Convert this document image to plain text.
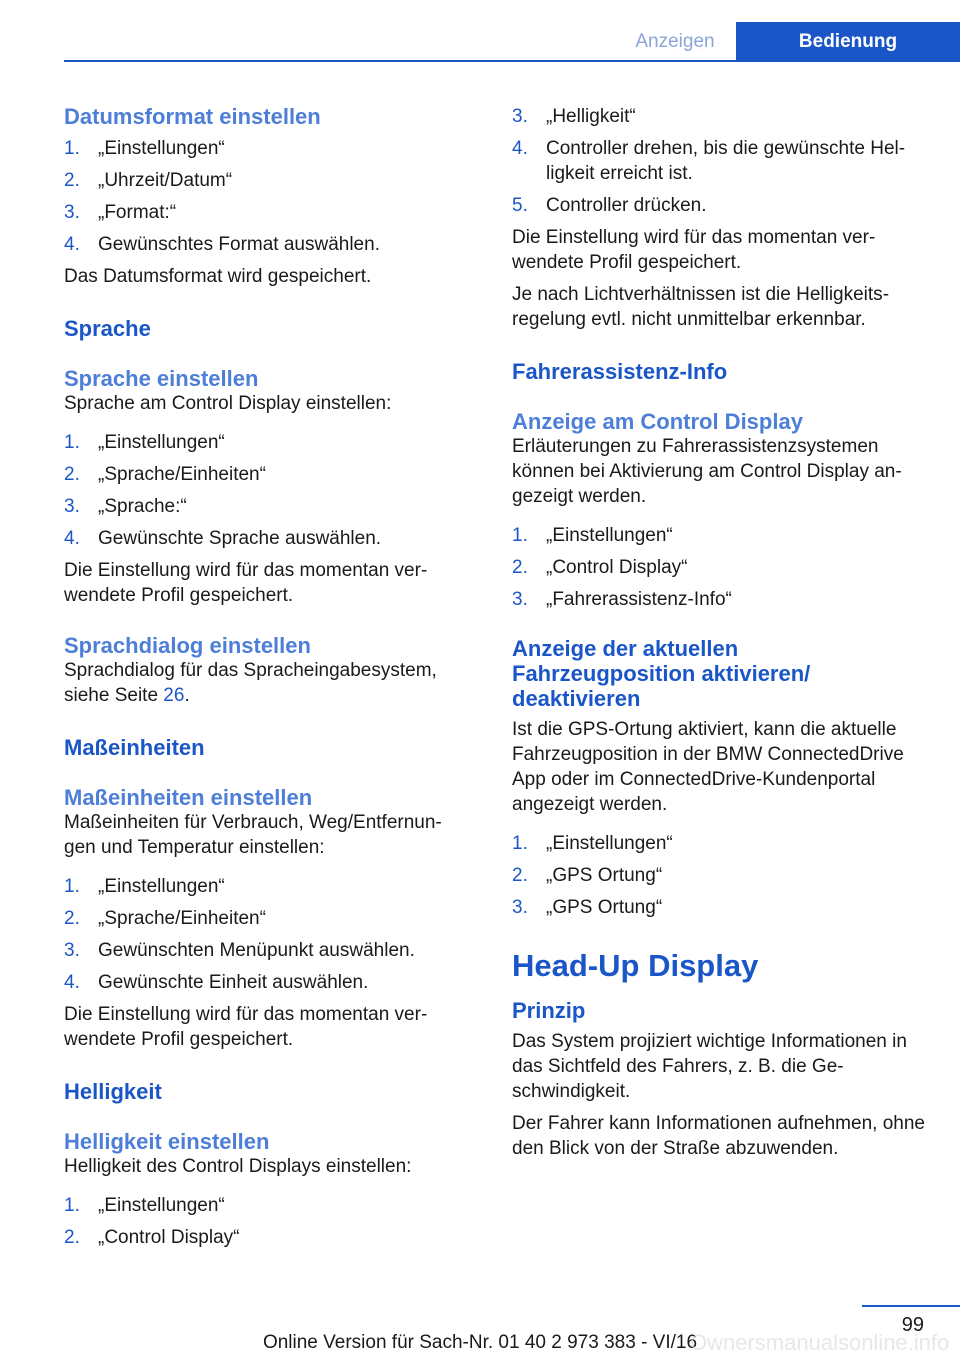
Anzeigen	Bedienung
Datumsformat einstellen
1. „Einstellungen“
2. „Uhrzeit/Datum“
3. „Format:“
4. Gewünschtes Format auswählen.

Das Datumsformat wird gespeichert.

Sprache
Sprache einstellen

Sprache am Control Display einstellen:

1. „Einstellungen“
2. „Sprache/Einheiten“
3. „Sprache:“
4. Gewünschte Sprache auswählen.

Die Einstellung wird für das momentan verwendete Profil gespeichert.

Sprachdialog einstellen

Sprachdialog für das Spracheingabesystem, siehe Seite 26.

Maßeinheiten
Maßeinheiten einstellen

Maßeinheiten für Verbrauch, Weg/Entfernungen und Temperatur einstellen:

1. „Einstellungen“
2. „Sprache/Einheiten“
3. Gewünschten Menüpunkt auswählen.
4. Gewünschte Einheit auswählen.

Die Einstellung wird für das momentan verwendete Profil gespeichert.

Helligkeit
Helligkeit einstellen

Helligkeit des Control Displays einstellen:

1. „Einstellungen“
2. „Control Display“
3. „Helligkeit“
4. Controller drehen, bis die gewünschte Helligkeit erreicht ist.
5. Controller drücken.

Die Einstellung wird für das momentan verwendete Profil gespeichert.

Je nach Lichtverhältnissen ist die Helligkeitsregelung evtl. nicht unmittelbar erkennbar.

Fahrerassistenz-Info
Anzeige am Control Display

Erläuterungen zu Fahrerassistenzsystemen können bei Aktivierung am Control Display angezeigt werden.

1. „Einstellungen“
2. „Control Display“
3. „Fahrerassistenz-Info“
Anzeige der aktuellen Fahrzeugposition aktivieren/ deaktivieren

Ist die GPS-Ortung aktiviert, kann die aktuelle Fahrzeugposition in der BMW ConnectedDrive App oder im ConnectedDrive-Kundenportal angezeigt werden.

1. „Einstellungen“
2. „GPS Ortung“
3. „GPS Ortung“
Head-Up Display
Prinzip

Das System projiziert wichtige Informationen in das Sichtfeld des Fahrers, z. B. die Geschwindigkeit.

Der Fahrer kann Informationen aufnehmen, ohne den Blick von der Straße abzuwenden.

99
Online Version für Sach-Nr. 01 40 2 973 383 - VI/16
Ownersmanualsonline.info
